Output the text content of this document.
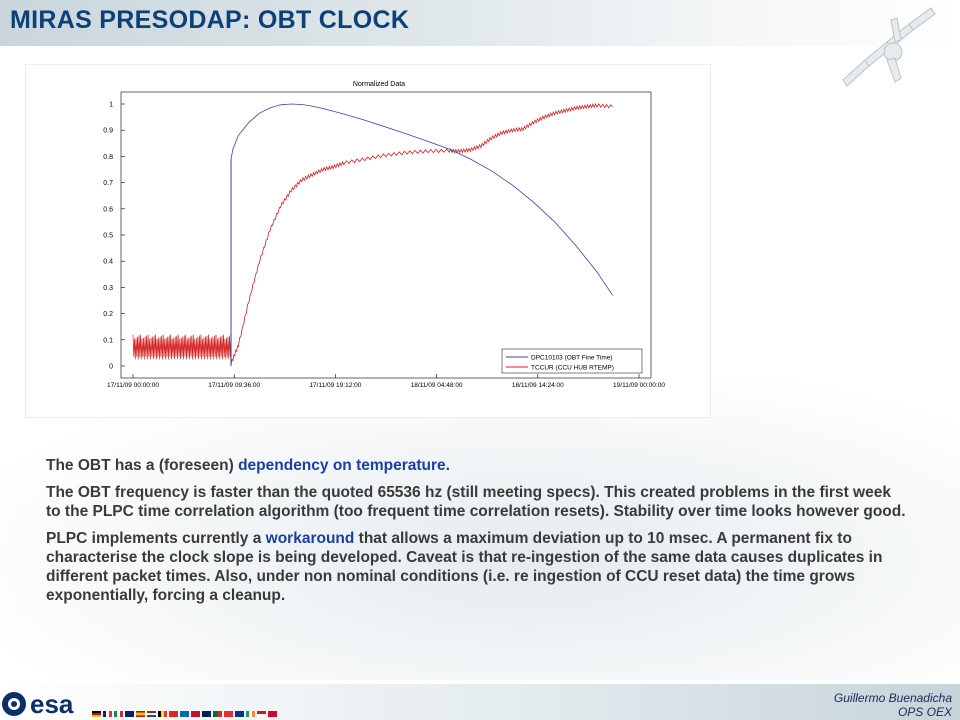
MIRAS PRESODAP: OBT CLOCK
Normalized Data
0
0.1
0.2
0.3
0.4
0.5
0.6
0.7
0.8
0.9
1
17/11/09 00:00:00	17/11/09 09:36:00	17/11/09 19:12:00	18/11/09 04:48:00	18/11/09 14:24:00	19/11/09 00:00:00
DPC10103 (OBT Fine Time)
TCCUR (CCU HUB RTEMP)

The OBT has a (foreseen) dependency on temperature.

The OBT frequency is faster than the quoted 65536 hz (still meeting specs). This created problems in the first week to the PLPC time correlation algorithm (too frequent time correlation resets). Stability over time looks however good.

PLPC implements currently a workaround that allows a maximum deviation up to 10 msec. A permanent fix to characterise the clock slope is being developed. Caveat is that re-ingestion of the same data causes duplicates in different packet times. Also, under non nominal conditions (i.e. re ingestion of CCU reset data) the time grows exponentially, forcing a cleanup.

esa	Guillermo Buenadicha
OPS OEX
